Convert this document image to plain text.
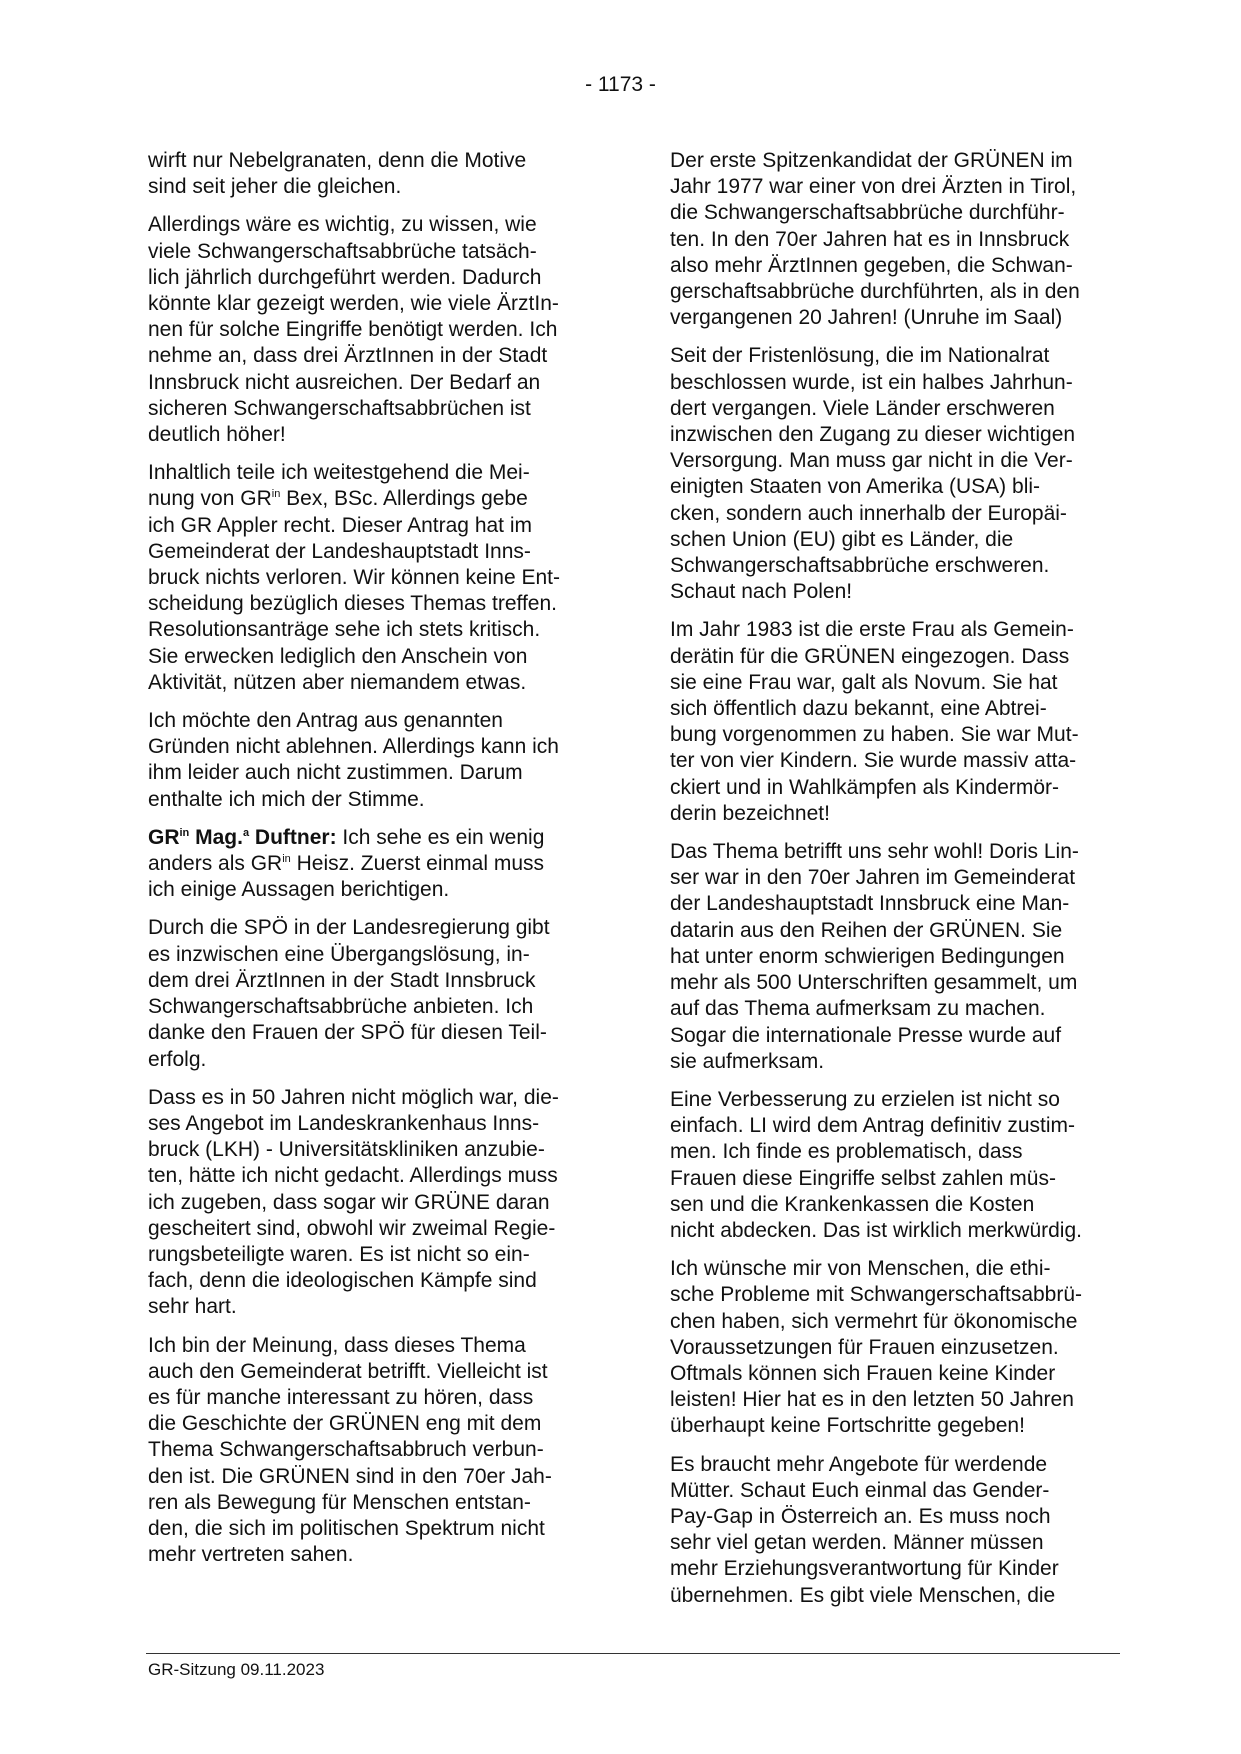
- 1173 -

wirft nur Nebelgranaten, denn die Motive
sind seit jeher die gleichen.

Allerdings wäre es wichtig, zu wissen, wie
viele Schwangerschaftsabbrüche tatsäch-
lich jährlich durchgeführt werden. Dadurch
könnte klar gezeigt werden, wie viele ÄrztIn-
nen für solche Eingriffe benötigt werden. Ich
nehme an, dass drei ÄrztInnen in der Stadt
Innsbruck nicht ausreichen. Der Bedarf an
sicheren Schwangerschaftsabbrüchen ist
deutlich höher!

Inhaltlich teile ich weitestgehend die Mei-
nung von $GR^{in}$ Bex, BSc. Allerdings gebe
ich GR Appler recht. Dieser Antrag hat im
Gemeinderat der Landeshauptstadt Inns-
bruck nichts verloren. Wir können keine Ent-
scheidung bezüglich dieses Themas treffen.
Resolutionsanträge sehe ich stets kritisch.
Sie erwecken lediglich den Anschein von
Aktivität, nützen aber niemandem etwas.

Ich möchte den Antrag aus genannten
Gründen nicht ablehnen. Allerdings kann ich
ihm leider auch nicht zustimmen. Darum
enthalte ich mich der Stimme.

$GR^{in}$ Mag.$^a$ Duftner: Ich sehe es ein wenig
anders als $GR^{in}$ Heisz. Zuerst einmal muss
ich einige Aussagen berichtigen.

Durch die SPÖ in der Landesregierung gibt
es inzwischen eine Übergangslösung, in-
dem drei ÄrztInnen in der Stadt Innsbruck
Schwangerschaftsabbrüche anbieten. Ich
danke den Frauen der SPÖ für diesen Teil-
erfolg.

Dass es in 50 Jahren nicht möglich war, die-
ses Angebot im Landeskrankenhaus Inns-
bruck (LKH) - Universitätskliniken anzubie-
ten, hätte ich nicht gedacht. Allerdings muss
ich zugeben, dass sogar wir GRÜNE daran
gescheitert sind, obwohl wir zweimal Regie-
rungsbeteiligte waren. Es ist nicht so ein-
fach, denn die ideologischen Kämpfe sind
sehr hart.

Ich bin der Meinung, dass dieses Thema
auch den Gemeinderat betrifft. Vielleicht ist
es für manche interessant zu hören, dass
die Geschichte der GRÜNEN eng mit dem
Thema Schwangerschaftsabbruch verbun-
den ist. Die GRÜNEN sind in den 70er Jah-
ren als Bewegung für Menschen entstan-
den, die sich im politischen Spektrum nicht
mehr vertreten sahen.

Der erste Spitzenkandidat der GRÜNEN im
Jahr 1977 war einer von drei Ärzten in Tirol,
die Schwangerschaftsabbrüche durchführ-
ten. In den 70er Jahren hat es in Innsbruck
also mehr ÄrztInnen gegeben, die Schwan-
gerschaftsabbrüche durchführten, als in den
vergangenen 20 Jahren! (Unruhe im Saal)

Seit der Fristenlösung, die im Nationalrat
beschlossen wurde, ist ein halbes Jahrhun-
dert vergangen. Viele Länder erschweren
inzwischen den Zugang zu dieser wichtigen
Versorgung. Man muss gar nicht in die Ver-
einigten Staaten von Amerika (USA) bli-
cken, sondern auch innerhalb der Europäi-
schen Union (EU) gibt es Länder, die
Schwangerschaftsabbrüche erschweren.
Schaut nach Polen!

Im Jahr 1983 ist die erste Frau als Gemein-
derätin für die GRÜNEN eingezogen. Dass
sie eine Frau war, galt als Novum. Sie hat
sich öffentlich dazu bekannt, eine Abtrei-
bung vorgenommen zu haben. Sie war Mut-
ter von vier Kindern. Sie wurde massiv atta-
ckiert und in Wahlkämpfen als Kindermör-
derin bezeichnet!

Das Thema betrifft uns sehr wohl! Doris Lin-
ser war in den 70er Jahren im Gemeinderat
der Landeshauptstadt Innsbruck eine Man-
datarin aus den Reihen der GRÜNEN. Sie
hat unter enorm schwierigen Bedingungen
mehr als 500 Unterschriften gesammelt, um
auf das Thema aufmerksam zu machen.
Sogar die internationale Presse wurde auf
sie aufmerksam.

Eine Verbesserung zu erzielen ist nicht so
einfach. LI wird dem Antrag definitiv zustim-
men. Ich finde es problematisch, dass
Frauen diese Eingriffe selbst zahlen müs-
sen und die Krankenkassen die Kosten
nicht abdecken. Das ist wirklich merkwürdig.

Ich wünsche mir von Menschen, die ethi-
sche Probleme mit Schwangerschaftsabbrü-
chen haben, sich vermehrt für ökonomische
Voraussetzungen für Frauen einzusetzen.
Oftmals können sich Frauen keine Kinder
leisten! Hier hat es in den letzten 50 Jahren
überhaupt keine Fortschritte gegeben!

Es braucht mehr Angebote für werdende
Mütter. Schaut Euch einmal das Gender-
Pay-Gap in Österreich an. Es muss noch
sehr viel getan werden. Männer müssen
mehr Erziehungsverantwortung für Kinder
übernehmen. Es gibt viele Menschen, die

GR-Sitzung 09.11.2023
